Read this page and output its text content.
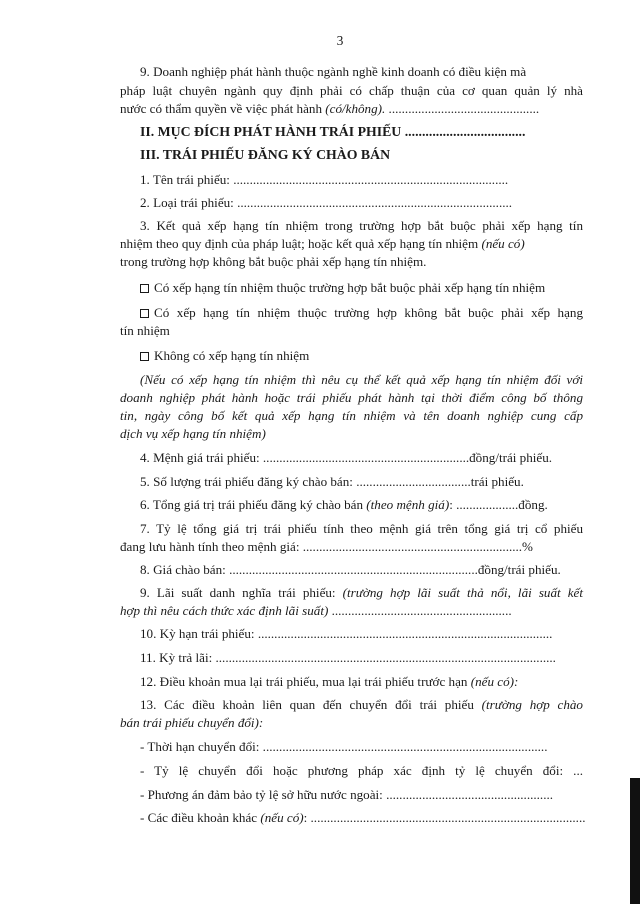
3
9. Doanh nghiệp phát hành thuộc ngành nghề kinh doanh có điều kiện mà
pháp luật chuyên ngành quy định phải có chấp thuận của cơ quan quản lý nhà
nước có thẩm quyền về việc phát hành (có/không). ..............................................
II. MỤC ĐÍCH PHÁT HÀNH TRÁI PHIẾU ...................................
III. TRÁI PHIẾU ĐĂNG KÝ CHÀO BÁN
1. Tên trái phiếu: ....................................................................................
2. Loại trái phiếu: ....................................................................................
3. Kết quả xếp hạng tín nhiệm trong trường hợp bắt buộc phải xếp hạng tín
nhiệm theo quy định của pháp luật; hoặc kết quả xếp hạng tín nhiệm (nếu có)
trong trường hợp không bắt buộc phải xếp hạng tín nhiệm.
Có xếp hạng tín nhiệm thuộc trường hợp bắt buộc phải xếp hạng tín nhiệm
Có xếp hạng tín nhiệm thuộc trường hợp không bắt buộc phải xếp hạng
tín nhiệm
Không có xếp hạng tín nhiệm
(Nếu có xếp hạng tín nhiệm thì nêu cụ thể kết quả xếp hạng tín nhiệm đối với
doanh nghiệp phát hành hoặc trái phiếu phát hành tại thời điểm công bố thông
tin, ngày công bố kết quả xếp hạng tín nhiệm và tên doanh nghiệp cung cấp
dịch vụ xếp hạng tín nhiệm)
4. Mệnh giá trái phiếu: ...............................................................đồng/trái phiếu.
5. Số lượng trái phiếu đăng ký chào bán: ...................................trái phiếu.
6. Tổng giá trị trái phiếu đăng ký chào bán (theo mệnh giá): ...................đồng.
7. Tỷ lệ tổng giá trị trái phiếu tính theo mệnh giá trên tổng giá trị cổ phiếu
đang lưu hành tính theo mệnh giá: ...................................................................%
8. Giá chào bán: ............................................................................đồng/trái phiếu.
9. Lãi suất danh nghĩa trái phiếu: (trường hợp lãi suất thả nổi, lãi suất kết
hợp thì nêu cách thức xác định lãi suất) .......................................................
10. Kỳ hạn trái phiếu: ..........................................................................................
11. Kỳ trả lãi: ........................................................................................................
12. Điều khoản mua lại trái phiếu, mua lại trái phiếu trước hạn (nếu có):
13. Các điều khoản liên quan đến chuyển đổi trái phiếu (trường hợp chào
bán trái phiếu chuyển đổi):
- Thời hạn chuyển đổi: .......................................................................................
- Tỷ lệ chuyển đổi hoặc phương pháp xác định tỷ lệ chuyển đổi: ...
- Phương án đảm bảo tỷ lệ sở hữu nước ngoài: ...................................................
- Các điều khoản khác (nếu có): ....................................................................................
